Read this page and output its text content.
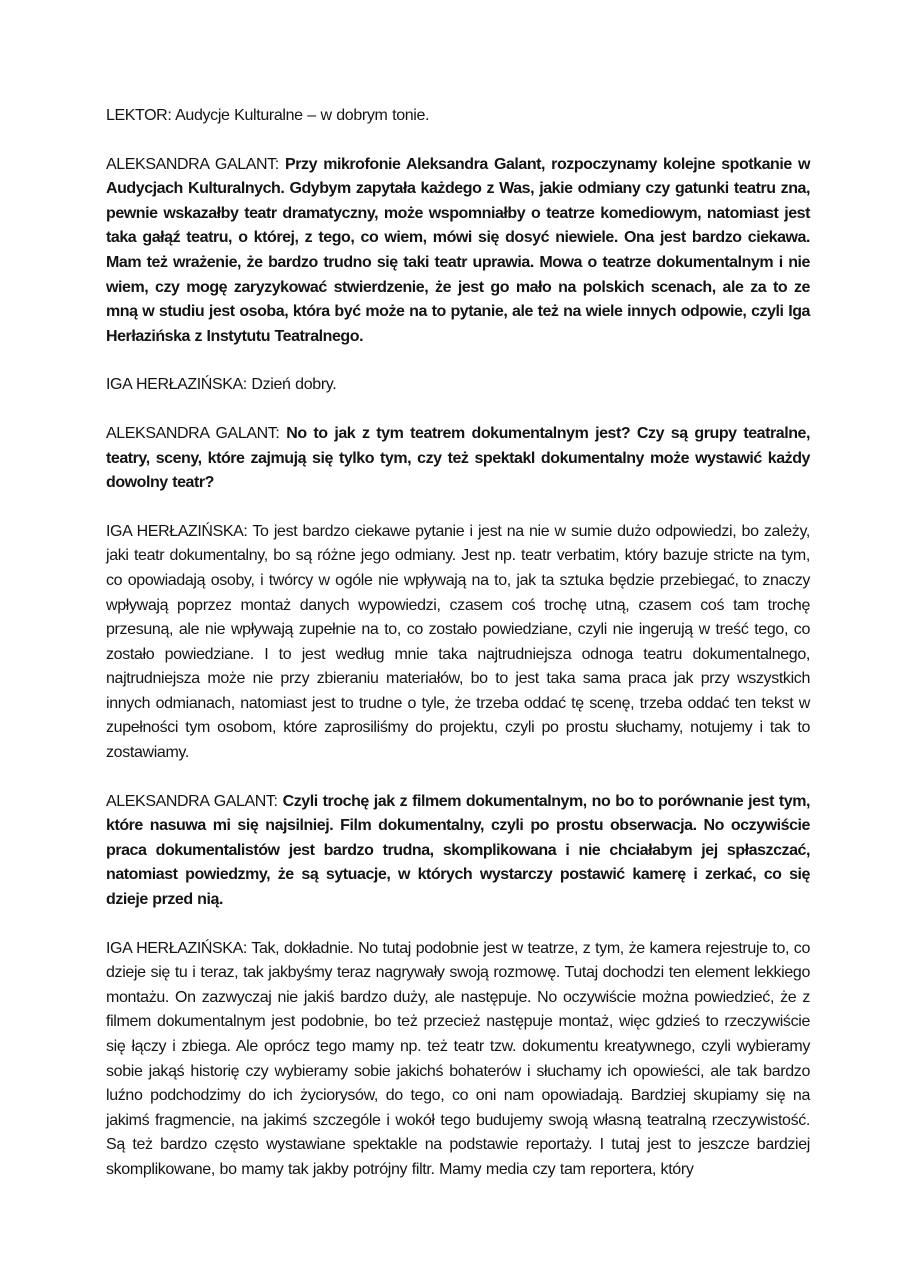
LEKTOR: Audycje Kulturalne – w dobrym tonie.

ALEKSANDRA GALANT: Przy mikrofonie Aleksandra Galant, rozpoczynamy kolejne spotkanie w Audycjach Kulturalnych. Gdybym zapytała każdego z Was, jakie odmiany czy gatunki teatru zna, pewnie wskazałby teatr dramatyczny, może wspomniałby o teatrze komediowym, natomiast jest taka gałąź teatru, o której, z tego, co wiem, mówi się dosyć niewiele. Ona jest bardzo ciekawa. Mam też wrażenie, że bardzo trudno się taki teatr uprawia. Mowa o teatrze dokumentalnym i nie wiem, czy mogę zaryzykować stwierdzenie, że jest go mało na polskich scenach, ale za to ze mną w studiu jest osoba, która być może na to pytanie, ale też na wiele innych odpowie, czyli Iga Herłazińska z Instytutu Teatralnego.

IGA HERŁAZIŃSKA: Dzień dobry.

ALEKSANDRA GALANT: No to jak z tym teatrem dokumentalnym jest? Czy są grupy teatralne, teatry, sceny, które zajmują się tylko tym, czy też spektakl dokumentalny może wystawić każdy dowolny teatr?

IGA HERŁAZIŃSKA: To jest bardzo ciekawe pytanie i jest na nie w sumie dużo odpowiedzi, bo zależy, jaki teatr dokumentalny, bo są różne jego odmiany. Jest np. teatr verbatim, który bazuje stricte na tym, co opowiadają osoby, i twórcy w ogóle nie wpływają na to, jak ta sztuka będzie przebiegać, to znaczy wpływają poprzez montaż danych wypowiedzi, czasem coś trochę utną, czasem coś tam trochę przesuną, ale nie wpływają zupełnie na to, co zostało powiedziane, czyli nie ingerują w treść tego, co zostało powiedziane. I to jest według mnie taka najtrudniejsza odnoga teatru dokumentalnego, najtrudniejsza może nie przy zbieraniu materiałów, bo to jest taka sama praca jak przy wszystkich innych odmianach, natomiast jest to trudne o tyle, że trzeba oddać tę scenę, trzeba oddać ten tekst w zupełności tym osobom, które zaprosiliśmy do projektu, czyli po prostu słuchamy, notujemy i tak to zostawiamy.

ALEKSANDRA GALANT: Czyli trochę jak z filmem dokumentalnym, no bo to porównanie jest tym, które nasuwa mi się najsilniej. Film dokumentalny, czyli po prostu obserwacja. No oczywiście praca dokumentalistów jest bardzo trudna, skomplikowana i nie chciałabym jej spłaszczać, natomiast powiedzmy, że są sytuacje, w których wystarczy postawić kamerę i zerkać, co się dzieje przed nią.

IGA HERŁAZIŃSKA: Tak, dokładnie. No tutaj podobnie jest w teatrze, z tym, że kamera rejestruje to, co dzieje się tu i teraz, tak jakbyśmy teraz nagrywały swoją rozmowę. Tutaj dochodzi ten element lekkiego montażu. On zazwyczaj nie jakiś bardzo duży, ale następuje. No oczywiście można powiedzieć, że z filmem dokumentalnym jest podobnie, bo też przecież następuje montaż, więc gdzieś to rzeczywiście się łączy i zbiega. Ale oprócz tego mamy np. też teatr tzw. dokumentu kreatywnego, czyli wybieramy sobie jakąś historię czy wybieramy sobie jakichś bohaterów i słuchamy ich opowieści, ale tak bardzo luźno podchodzimy do ich życiorysów, do tego, co oni nam opowiadają. Bardziej skupiamy się na jakimś fragmencie, na jakimś szczególe i wokół tego budujemy swoją własną teatralną rzeczywistość. Są też bardzo często wystawiane spektakle na podstawie reportaży. I tutaj jest to jeszcze bardziej skomplikowane, bo mamy tak jakby potrójny filtr. Mamy media czy tam reportera, który
